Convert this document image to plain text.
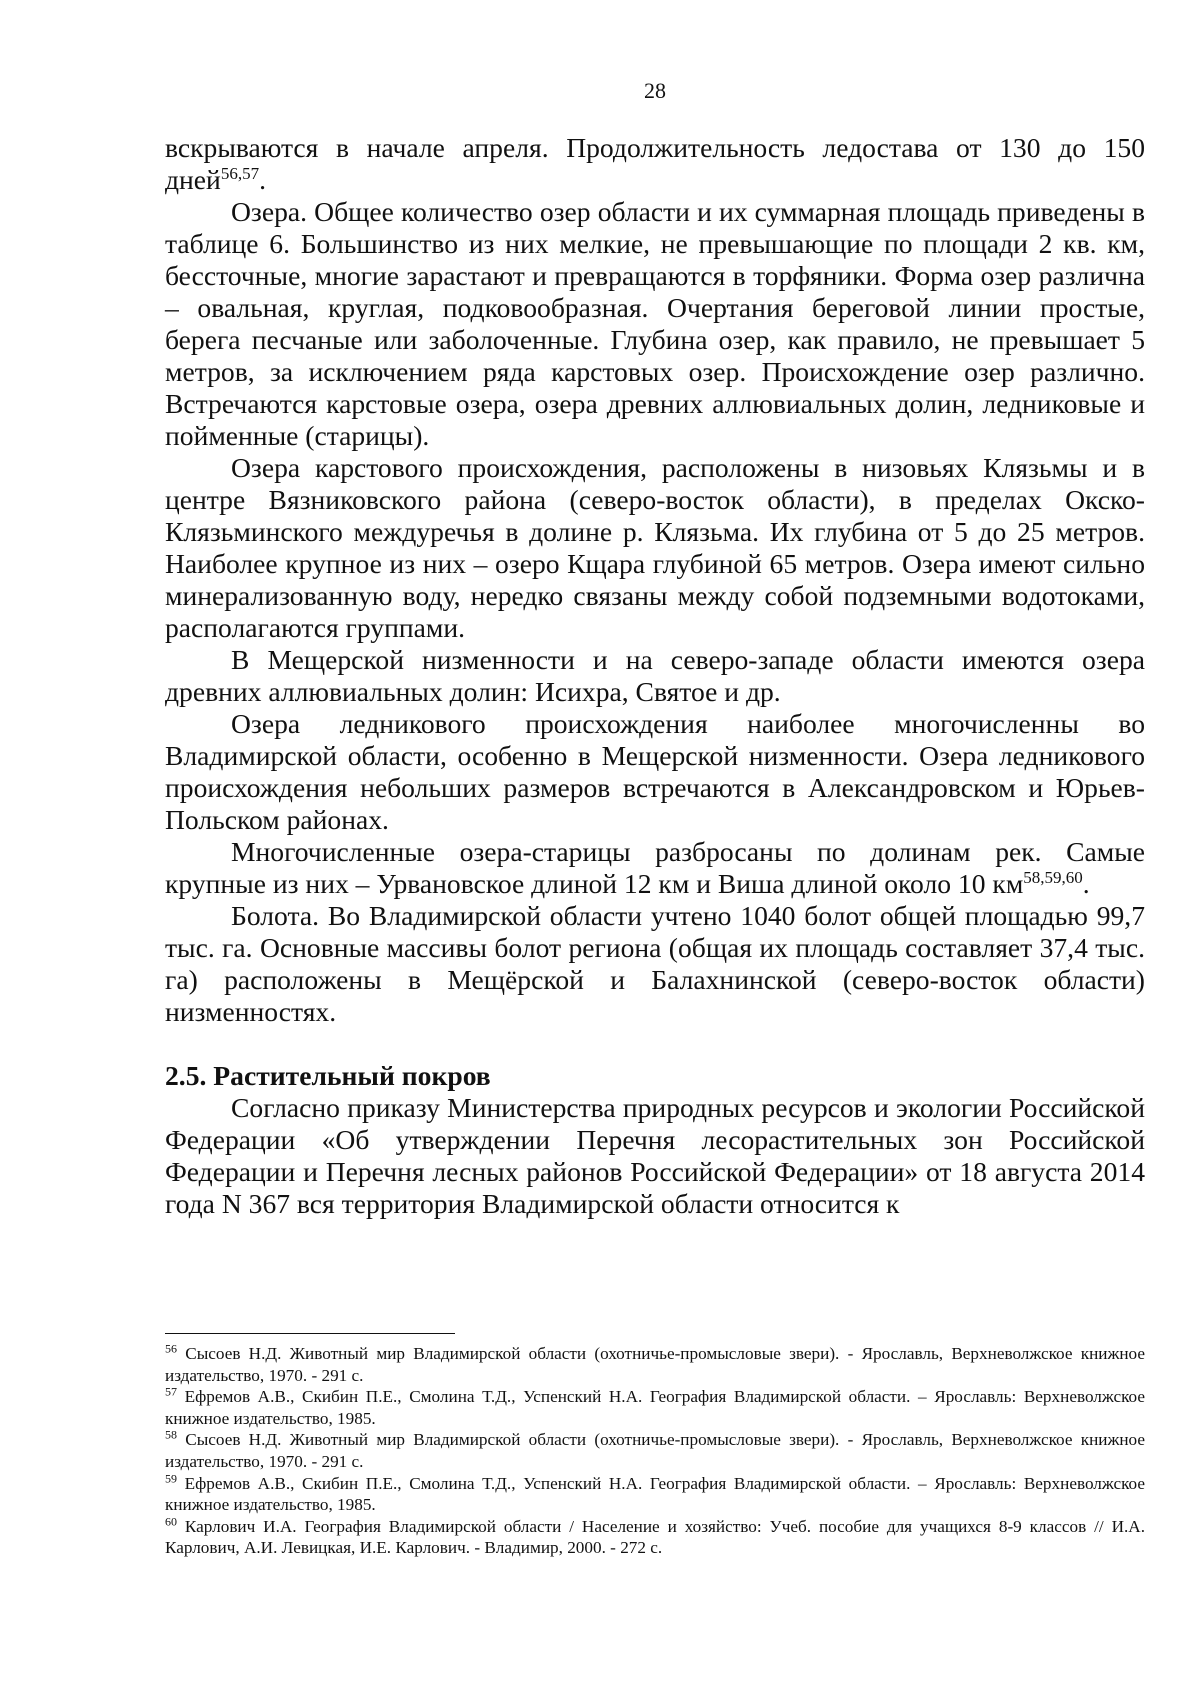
28

вскрываются в начале апреля. Продолжительность ледостава от 130 до 150 дней$^{56,57}$.

Озера. Общее количество озер области и их суммарная площадь приведены в таблице 6. Большинство из них мелкие, не превышающие по площади 2 кв. км, бессточные, многие зарастают и превращаются в торфяники. Форма озер различна – овальная, круглая, подковообразная. Очертания береговой линии простые, берега песчаные или заболоченные. Глубина озер, как правило, не превышает 5 метров, за исключением ряда карстовых озер. Происхождение озер различно. Встречаются карстовые озера, озера древних аллювиальных долин, ледниковые и пойменные (старицы).

Озера карстового происхождения, расположены в низовьях Клязьмы и в центре Вязниковского района (северо-восток области), в пределах Окско-Клязьминского междуречья в долине р. Клязьма. Их глубина от 5 до 25 метров. Наиболее крупное из них – озеро Кщара глубиной 65 метров. Озера имеют сильно минерализованную воду, нередко связаны между собой подземными водотоками, располагаются группами.

В Мещерской низменности и на северо-западе области имеются озера древних аллювиальных долин: Исихра, Святое и др.

Озера ледникового происхождения наиболее многочисленны во Владимирской области, особенно в Мещерской низменности. Озера ледникового происхождения небольших размеров встречаются в Александровском и Юрьев-Польском районах.

Многочисленные озера-старицы разбросаны по долинам рек. Самые крупные из них – Урвановское длиной 12 км и Виша длиной около 10 км$^{58,59,60}$.

Болота. Во Владимирской области учтено 1040 болот общей площадью 99,7 тыс. га. Основные массивы болот региона (общая их площадь составляет 37,4 тыс. га) расположены в Мещёрской и Балахнинской (северо-восток области) низменностях.

2.5. Растительный покров

Согласно приказу Министерства природных ресурсов и экологии Российской Федерации «Об утверждении Перечня лесорастительных зон Российской Федерации и Перечня лесных районов Российской Федерации» от 18 августа 2014 года N 367 вся территория Владимирской области относится к

$^{56}$ Сысоев Н.Д. Животный мир Владимирской области (охотничье-промысловые звери). - Ярославль, Верхневолжское книжное издательство, 1970. - 291 с.

$^{57}$ Ефремов А.В., Скибин П.Е., Смолина Т.Д., Успенский Н.А. География Владимирской области. – Ярославль: Верхневолжское книжное издательство, 1985.

$^{58}$ Сысоев Н.Д. Животный мир Владимирской области (охотничье-промысловые звери). - Ярославль, Верхневолжское книжное издательство, 1970. - 291 с.

$^{59}$ Ефремов А.В., Скибин П.Е., Смолина Т.Д., Успенский Н.А. География Владимирской области. – Ярославль: Верхневолжское книжное издательство, 1985.

$^{60}$ Карлович И.А. География Владимирской области / Население и хозяйство: Учеб. пособие для учащихся 8-9 классов // И.А. Карлович, А.И. Левицкая, И.Е. Карлович. - Владимир, 2000. - 272 с.
